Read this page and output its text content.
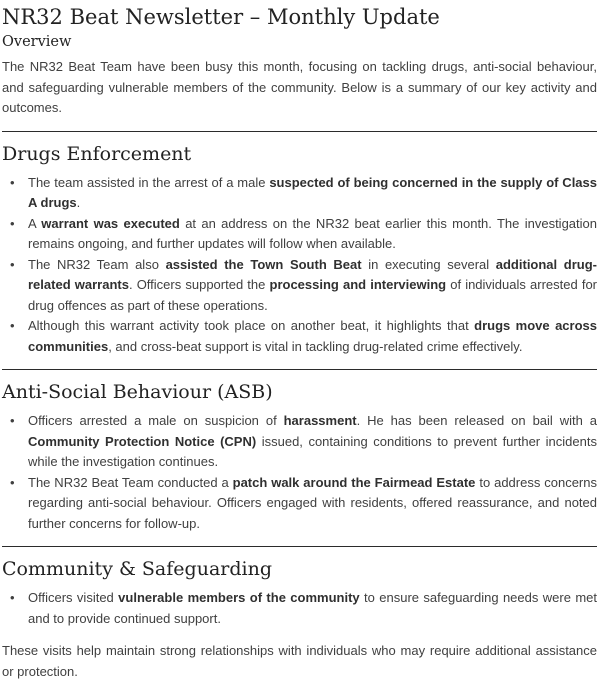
NR32 Beat Newsletter – Monthly Update
Overview

The NR32 Beat Team have been busy this month, focusing on tackling drugs, anti-social behaviour, and safeguarding vulnerable members of the community. Below is a summary of our key activity and outcomes.

Drugs Enforcement
• The team assisted in the arrest of a male suspected of being concerned in the supply of Class A drugs.
• A warrant was executed at an address on the NR32 beat earlier this month. The investigation remains ongoing, and further updates will follow when available.
• The NR32 Team also assisted the Town South Beat in executing several additional drug-related warrants. Officers supported the processing and interviewing of individuals arrested for drug offences as part of these operations.
• Although this warrant activity took place on another beat, it highlights that drugs move across communities, and cross-beat support is vital in tackling drug-related crime effectively.
Anti-Social Behaviour (ASB)
• Officers arrested a male on suspicion of harassment. He has been released on bail with a Community Protection Notice (CPN) issued, containing conditions to prevent further incidents while the investigation continues.
• The NR32 Beat Team conducted a patch walk around the Fairmead Estate to address concerns regarding anti-social behaviour. Officers engaged with residents, offered reassurance, and noted further concerns for follow-up.
Community & Safeguarding
• Officers visited vulnerable members of the community to ensure safeguarding needs were met and to provide continued support.

These visits help maintain strong relationships with individuals who may require additional assistance or protection.
